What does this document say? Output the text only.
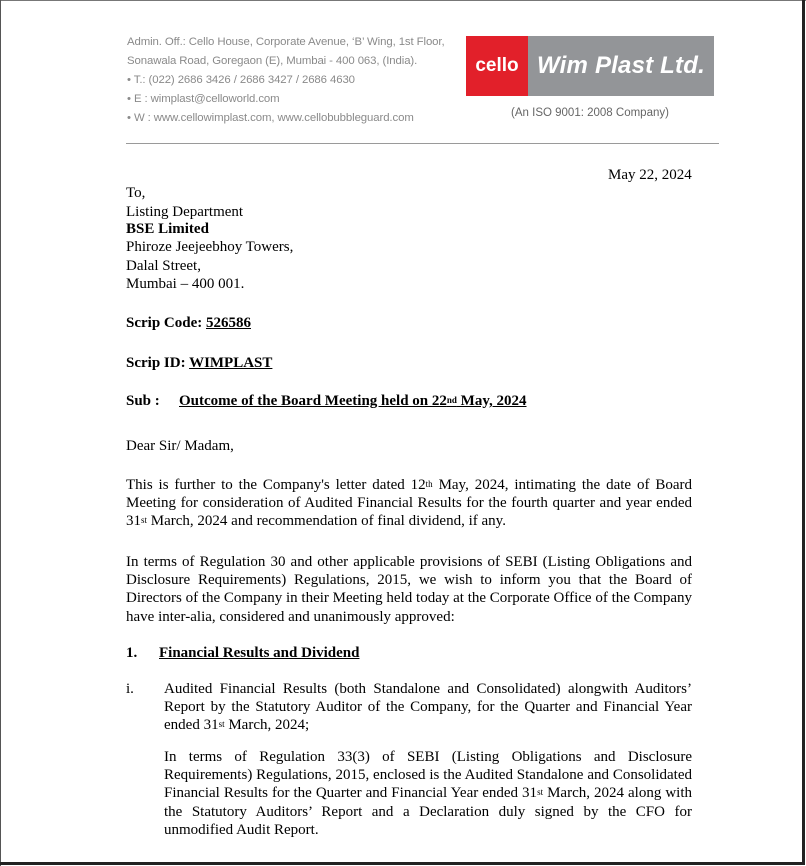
Admin. Off.: Cello House, Corporate Avenue, ‘B’ Wing, 1st Floor,
Sonawala Road, Goregaon (E), Mumbai - 400 063, (India).
• T.: (022) 2686 3426 / 2686 3427 / 2686 4630
• E : wimplast@celloworld.com
• W : www.cellowimplast.com, www.cellobubbleguard.com
cello Wim Plast Ltd.
(An ISO 9001: 2008 Company)
May 22, 2024
To,
Listing Department
BSE Limited
Phiroze Jeejeebhoy Towers,
Dalal Street,
Mumbai – 400 001.
Scrip Code: 526586
Scrip ID: WIMPLAST
Sub : Outcome of the Board Meeting held on 22nd May, 2024
Dear Sir/ Madam,
This is further to the Company's letter dated 12th May, 2024, intimating the date of Board Meeting for consideration of Audited Financial Results for the fourth quarter and year ended 31st March, 2024 and recommendation of final dividend, if any.
In terms of Regulation 30 and other applicable provisions of SEBI (Listing Obligations and Disclosure Requirements) Regulations, 2015, we wish to inform you that the Board of Directors of the Company in their Meeting held today at the Corporate Office of the Company have inter-alia, considered and unanimously approved:
1. Financial Results and Dividend
i. Audited Financial Results (both Standalone and Consolidated) alongwith Auditors’ Report by the Statutory Auditor of the Company, for the Quarter and Financial Year ended 31st March, 2024;
In terms of Regulation 33(3) of SEBI (Listing Obligations and Disclosure Requirements) Regulations, 2015, enclosed is the Audited Standalone and Consolidated Financial Results for the Quarter and Financial Year ended 31st March, 2024 along with the Statutory Auditors’ Report and a Declaration duly signed by the CFO for unmodified Audit Report.
